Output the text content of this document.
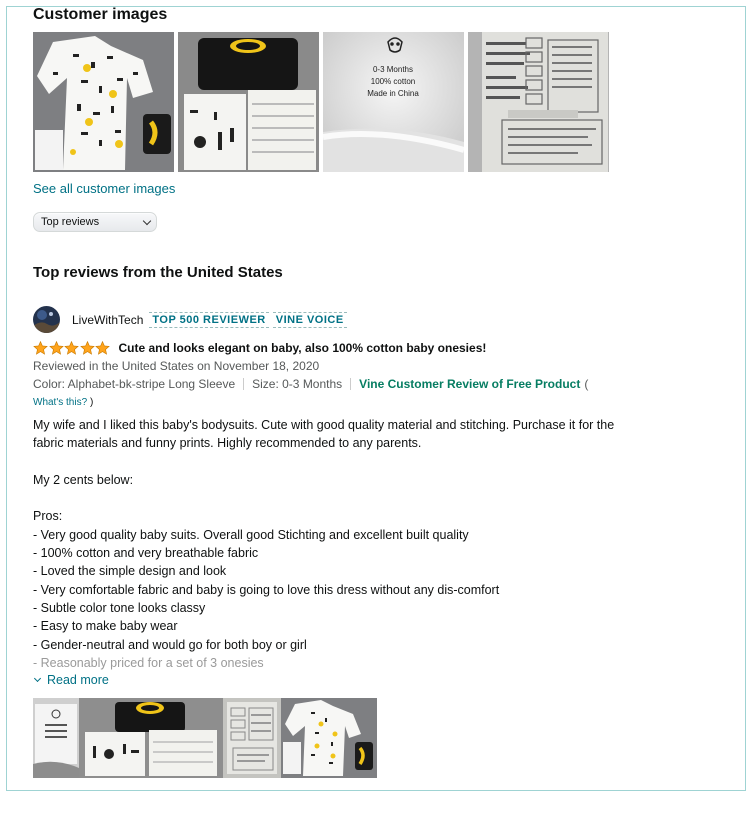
Customer images
0-3 Months
100% cotton
Made in China
See all customer images
Top reviews
Top reviews from the United States
LiveWithTech TOP 500 REVIEWER VINE VOICE
Cute and looks elegant on baby, also 100% cotton baby onesies!
Reviewed in the United States on November 18, 2020
Color: Alphabet-bk-stripe Long Sleeve Size: 0-3 Months Vine Customer Review of Free Product (
What's this? )

My wife and I liked this baby's bodysuits. Cute with good quality material and stitching. Purchase it for the

fabric materials and funny prints. Highly recommended to any parents.

My 2 cents below:

Pros:

- Very good quality baby suits. Overall good Stichting and excellent built quality

- 100% cotton and very breathable fabric

- Loved the simple design and look

- Very comfortable fabric and baby is going to love this dress without any dis-comfort

- Subtle color tone looks classy

- Easy to make baby wear

- Gender-neutral and would go for both boy or girl

- Reasonably priced for a set of 3 onesies

Read more
